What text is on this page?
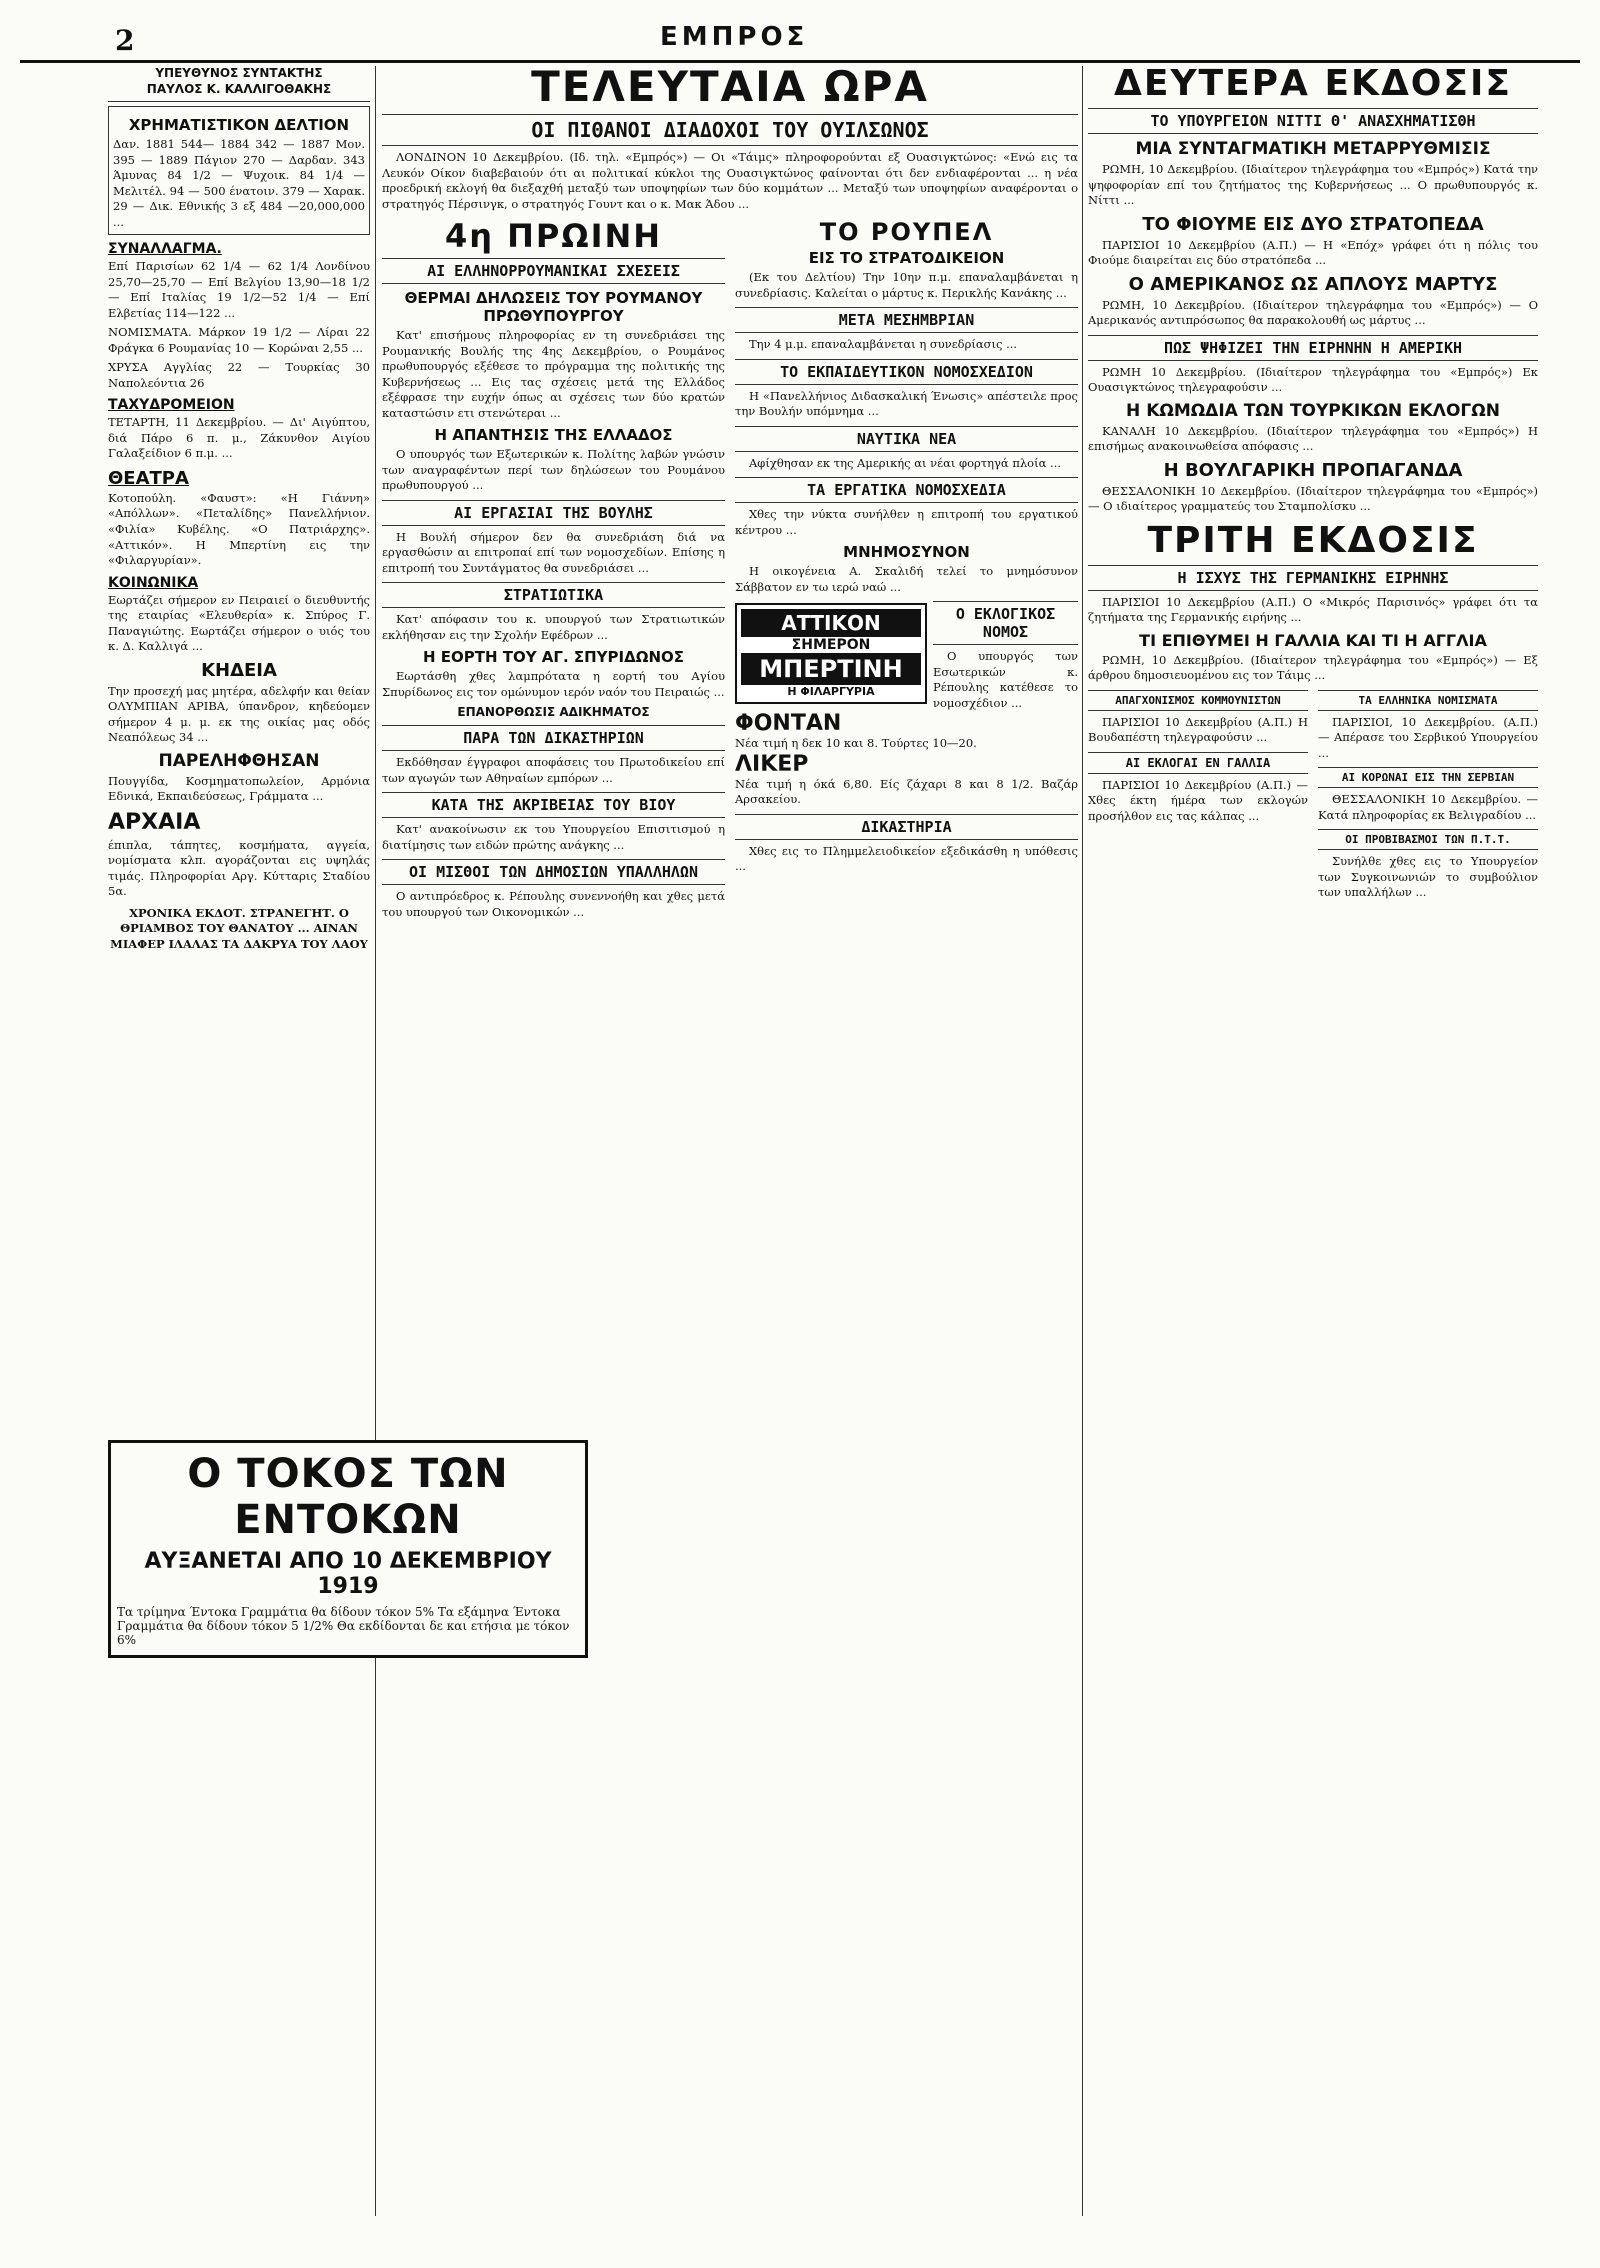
2	ΕΜΠΡΟΣ
ΥΠΕΥΘΥΝΟΣ ΣΥΝΤΑΚΤΗΣ
ΠΑΥΛΟΣ Κ. ΚΑΛΛΙΓΟΘΑΚΗΣ
ΧΡΗΜΑΤΙΣΤΙΚΟΝ ΔΕΛΤΙΟΝ
Δαν. 1881 544— 1884 342 — 1887 Μον. 395 — 1889 Πάγιον 270 — Δαρδαν. 343 Άμυνας 84 1/2 — Ψυχοικ. 84 1/4 — Μελιτέλ. 94 — 500 ένατοιν. 379 — Χαρακ. 29 — Δικ. Εθνικής 3 εξ 484 —20,000,000 ...
ΣΥΝΑΛΛΑΓΜΑ.
Επί Παρισίων 62 1/4 — 62 1/4 Λονδίνου 25,70—25,70 — Επί Βελγίου 13,90—18 1/2 — Επί Ιταλίας 19 1/2—52 1/4 — Επί Ελβετίας 114—122 ...
ΝΟΜΙΣΜΑΤΑ. Μάρκον 19 1/2 — Λίραι 22 Φράγκα 6 Ρουμανίας 10 — Κορώναι 2,55 ...
ΧΡΥΣΑ Αγγλίας 22 — Τουρκίας 30 Ναπολεόντια 26
ΤΑΧΥΔΡΟΜΕΙΟΝ
ΤΕΤΑΡΤΗ, 11 Δεκεμβρίου. — Δι' Αιγύπτου, διά Πάρο 6 π. μ., Ζάκυνθον Αιγίου Γαλαξείδιον 6 π.μ. ...
ΘΕΑΤΡΑ
Κοτοπούλη. «Φαυστ»: «Η Γιάννη» «Απόλλων». «Πεταλίδης» Πανελλήνιον. «Φιλία» Κυβέλης. «Ο Πατριάρχης». «Αττικόν». Η Μπερτίνη εις την «Φιλαργυρίαν».
ΚΟΙΝΩΝΙΚΑ
Εωρτάζει σήμερον εν Πειραιεί ο διευθυντής της εταιρίας «Ελευθερία» κ. Σπύρος Γ. Παναγιώτης. Εωρτάζει σήμερον ο υιός του κ. Δ. Καλλιγά ...
ΚΗΔΕΙΑ
Την προσεχή μας μητέρα, αδελφήν και θείαν ΟΛΥΜΠΙΑΝ ΑΡΙΒΑ, ύπανδρον, κηδεύομεν σήμερον 4 μ. μ. εκ της οικίας μας οδός Νεαπόλεως 34 ...
ΠΑΡΕΛΗΦΘΗΣΑΝ
Πουγγίδα, Κοσμηματοπωλείον, Αρμόνια Εδνικά, Εκπαιδεύσεως, Γράμματα ...
ΑΡΧΑΙΑ
έπιπλα, τάπητες, κοσμήματα, αγγεία, νομίσματα κλπ. αγοράζονται εις υψηλάς τιμάς. Πληροφορίαι Αργ. Κύτταρις Σταδίου 5α.
ΧΡΟΝΙΚΑ ΕΚΔΟΤ. ΣΤΡΑΝΕΓΗΤ. Ο ΘΡΙΑΜΒΟΣ ΤΟΥ ΘΑΝΑΤΟΥ ... ΑΙΝΑΝ ΜΙΑΦΕΡ ΙΛΑΛΑΣ ΤΑ ΔΑΚΡΥΑ ΤΟΥ ΛΑΟΥ
ΤΕΛΕΥΤΑΙΑ ΩΡΑ
ΟΙ ΠΙΘΑΝΟΙ ΔΙΑΔΟΧΟΙ ΤΟΥ ΟΥΙΛΣΩΝΟΣ
ΛΟΝΔΙΝΟΝ 10 Δεκεμβρίου. (Ιδ. τηλ. «Εμπρός») — Οι «Τάιμς» πληροφορούνται εξ Ουασιγκτώνος: «Ενώ εις τα Λευκόν Οίκον διαβεβαιούν ότι αι πολιτικαί κύκλοι της Ουασιγκτώνος φαίνονται ότι δεν ενδιαφέρονται ... η νέα προεδρική εκλογή θα διεξαχθή μεταξύ των υποψηφίων των δύο κομμάτων ... Μεταξύ των υποψηφίων αναφέρονται ο στρατηγός Πέρσινγκ, ο στρατηγός Γουντ και ο κ. Μακ Άδου ...
4η ΠΡΩΙΝΗ
ΑΙ ΕΛΛΗΝΟΡΡΟΥΜΑΝΙΚΑΙ ΣΧΕΣΕΙΣ
ΘΕΡΜΑΙ ΔΗΛΩΣΕΙΣ ΤΟΥ ΡΟΥΜΑΝΟΥ ΠΡΩΘΥΠΟΥΡΓΟΥ
Κατ' επισήμους πληροφορίας εν τη συνεδριάσει της Ρουμανικής Βουλής της 4ης Δεκεμβρίου, ο Ρουμάνος πρωθυπουργός εξέθεσε το πρόγραμμα της πολιτικής της Κυβερνήσεως ... Εις τας σχέσεις μετά της Ελλάδος εξέφρασε την ευχήν όπως αι σχέσεις των δύο κρατών καταστώσιν ετι στενώτεραι ...
Η ΑΠΑΝΤΗΣΙΣ ΤΗΣ ΕΛΛΑΔΟΣ
Ο υπουργός των Εξωτερικών κ. Πολίτης λαβών γνώσιν των αναγραφέντων περί των δηλώσεων του Ρουμάνου πρωθυπουργού ...
ΑΙ ΕΡΓΑΣΙΑΙ ΤΗΣ ΒΟΥΛΗΣ
Η Βουλή σήμερον δεν θα συνεδριάση διά να εργασθώσιν αι επιτροπαί επί των νομοσχεδίων. Επίσης η επιτροπή του Συντάγματος θα συνεδριάσει ...
ΣΤΡΑΤΙΩΤΙΚΑ
Κατ' απόφασιν του κ. υπουργού των Στρατιωτικών εκλήθησαν εις την Σχολήν Εφέδρων ...
Η ΕΟΡΤΗ ΤΟΥ ΑΓ. ΣΠΥΡΙΔΩΝΟΣ
Εωρτάσθη χθες λαμπρότατα η εορτή του Αγίου Σπυρίδωνος εις τον ομώνυμον ιερόν ναόν του Πειραιώς ...
ΕΠΑΝΟΡΘΩΣΙΣ ΑΔΙΚΗΜΑΤΟΣ
ΠΑΡΑ ΤΩΝ ΔΙΚΑΣΤΗΡΙΩΝ
Εκδόθησαν έγγραφοι αποφάσεις του Πρωτοδικείου επί των αγωγών των Αθηναίων εμπόρων ...
ΚΑΤΑ ΤΗΣ ΑΚΡΙΒΕΙΑΣ ΤΟΥ ΒΙΟΥ
Κατ' ανακοίνωσιν εκ του Υπουργείου Επισιτισμού η διατίμησις των ειδών πρώτης ανάγκης ...
ΟΙ ΜΙΣΘΟΙ ΤΩΝ ΔΗΜΟΣΙΩΝ ΥΠΑΛΛΗΛΩΝ
Ο αντιπρόεδρος κ. Ρέπουλης συνεννοήθη και χθες μετά του υπουργού των Οικονομικών ...
ΤΟ ΡΟΥΠΕΛ
ΕΙΣ ΤΟ ΣΤΡΑΤΟΔΙΚΕΙΟΝ
(Εκ του Δελτίου) Την 10ην π.μ. επαναλαμβάνεται η συνεδρίασις. Καλείται ο μάρτυς κ. Περικλής Κανάκης ...
ΜΕΤΑ ΜΕΣΗΜΒΡΙΑΝ
Την 4 μ.μ. επαναλαμβάνεται η συνεδρίασις ...
ΤΟ ΕΚΠΑΙΔΕΥΤΙΚΟΝ ΝΟΜΟΣΧΕΔΙΟΝ
Η «Πανελλήνιος Διδασκαλική Ένωσις» απέστειλε προς την Βουλήν υπόμνημα ...
ΝΑΥΤΙΚΑ ΝΕΑ
Αφίχθησαν εκ της Αμερικής αι νέαι φορτηγά πλοία ...
ΤΑ ΕΡΓΑΤΙΚΑ ΝΟΜΟΣΧΕΔΙΑ
Χθες την νύκτα συνήλθεν η επιτροπή του εργατικού κέντρου ...
ΜΝΗΜΟΣΥΝΟΝ
Η οικογένεια Α. Σκαλιδή τελεί το μνημόσυνον Σάββατον εν τω ιερώ ναώ ...
ΑΤΤΙΚΟΝ
ΣΗΜΕΡΟΝ
ΜΠΕΡΤΙΝΗ
Η ΦΙΛΑΡΓΥΡΙΑ
Ο ΕΚΛΟΓΙΚΟΣ ΝΟΜΟΣ
Ο υπουργός των Εσωτερικών κ. Ρέπουλης κατέθεσε το νομοσχέδιον ...
ΦΟΝΤΑΝ
Νέα τιμή η δεκ 10 και 8. Τούρτες 10—20.
ΛΙΚΕΡ
Νέα τιμή η όκά 6,80. Είς ζάχαρι 8 και 8 1/2. Βαζάρ Αρσακείου.
ΔΙΚΑΣΤΗΡΙΑ
Χθες εις το Πλημμελειοδικείον εξεδικάσθη η υπόθεσις ...
ΔΕΥΤΕΡΑ ΕΚΔΟΣΙΣ
ΤΟ ΥΠΟΥΡΓΕΙΟΝ ΝΙΤΤΙ Θ' ΑΝΑΣΧΗΜΑΤΙΣΘΗ
ΜΙΑ ΣΥΝΤΑΓΜΑΤΙΚΗ ΜΕΤΑΡΡΥΘΜΙΣΙΣ
ΡΩΜΗ, 10 Δεκεμβρίου. (Ιδιαίτερον τηλεγράφημα του «Εμπρός») Κατά την ψηφοφορίαν επί του ζητήματος της Κυβερνήσεως ... Ο πρωθυπουργός κ. Νίττι ...
ΤΟ ΦΙΟΥΜΕ ΕΙΣ ΔΥΟ ΣΤΡΑΤΟΠΕΔΑ
ΠΑΡΙΣΙΟΙ 10 Δεκεμβρίου (Α.Π.) — Η «Επόχ» γράφει ότι η πόλις του Φιούμε διαιρείται εις δύο στρατόπεδα ...
Ο ΑΜΕΡΙΚΑΝΟΣ ΩΣ ΑΠΛΟΥΣ ΜΑΡΤΥΣ
ΡΩΜΗ, 10 Δεκεμβρίου. (Ιδιαίτερον τηλεγράφημα του «Εμπρός») — Ο Αμερικανός αντιπρόσωπος θα παρακολουθή ως μάρτυς ...
ΠΩΣ ΨΗΦΙΖΕΙ ΤΗΝ ΕΙΡΗΝΗΝ Η ΑΜΕΡΙΚΗ
ΡΩΜΗ 10 Δεκεμβρίου. (Ιδιαίτερον τηλεγράφημα του «Εμπρός») Εκ Ουασιγκτώνος τηλεγραφούσιν ...
Η ΚΩΜΩΔΙΑ ΤΩΝ ΤΟΥΡΚΙΚΩΝ ΕΚΛΟΓΩΝ
ΚΑΝΑΛΗ 10 Δεκεμβρίου. (Ιδιαίτερον τηλεγράφημα του «Εμπρός») Η επισήμως ανακοινωθείσα απόφασις ...
Η ΒΟΥΛΓΑΡΙΚΗ ΠΡΟΠΑΓΑΝΔΑ
ΘΕΣΣΑΛΟΝΙΚΗ 10 Δεκεμβρίου. (Ιδιαίτερον τηλεγράφημα του «Εμπρός») — Ο ιδιαίτερος γραμματεύς του Σταμπολίσκυ ...
ΤΡΙΤΗ ΕΚΔΟΣΙΣ
Η ΙΣΧΥΣ ΤΗΣ ΓΕΡΜΑΝΙΚΗΣ ΕΙΡΗΝΗΣ
ΠΑΡΙΣΙΟΙ 10 Δεκεμβρίου (Α.Π.) Ο «Μικρός Παρισινός» γράφει ότι τα ζητήματα της Γερμανικής ειρήνης ...
ΤΙ ΕΠΙΘΥΜΕΙ Η ΓΑΛΛΙΑ ΚΑΙ ΤΙ Η ΑΓΓΛΙΑ
ΡΩΜΗ, 10 Δεκεμβρίου. (Ιδιαίτερον τηλεγράφημα του «Εμπρός») — Εξ άρθρου δημοσιευομένου εις τον Τάιμς ...
ΑΠΑΓΧΟΝΙΣΜΟΣ ΚΟΜΜΟΥΝΙΣΤΩΝ
ΠΑΡΙΣΙΟΙ 10 Δεκεμβρίου (Α.Π.) Η Βουδαπέστη τηλεγραφούσιν ...
ΑΙ ΕΚΛΟΓΑΙ ΕΝ ΓΑΛΛΙΑ
ΠΑΡΙΣΙΟΙ 10 Δεκεμβρίου (Α.Π.) — Χθες έκτη ήμέρα των εκλογών προσήλθον εις τας κάλπας ...
ΤΑ ΕΛΛΗΝΙΚΑ ΝΟΜΙΣΜΑΤΑ
ΠΑΡΙΣΙΟΙ, 10 Δεκεμβρίου. (Α.Π.) — Απέρασε του Σερβικού Υπουργείου ...
ΑΙ ΚΟΡΩΝΑΙ ΕΙΣ ΤΗΝ ΣΕΡΒΙΑΝ
ΘΕΣΣΑΛΟΝΙΚΗ 10 Δεκεμβρίου. — Κατά πληροφορίας εκ Βελιγραδίου ...
ΟΙ ΠΡΟΒΙΒΑΣΜΟΙ ΤΩΝ Π.Τ.Τ.
Συνήλθε χθες εις το Υπουργείον των Συγκοινωνιών το συμβούλιον των υπαλλήλων ...
Ο ΤΟΚΟΣ ΤΩΝ ΕΝΤΟΚΩΝ
ΑΥΞΑΝΕΤΑΙ ΑΠΟ 10 ΔΕΚΕΜΒΡΙΟΥ 1919
Τα τρίμηνα Έντοκα Γραμμάτια θα δίδουν τόκον 5% Τα εξάμηνα Έντοκα Γραμμάτια θα δίδουν τόκον 5 1/2% Θα εκδίδονται δε και ετήσια με τόκον 6%
